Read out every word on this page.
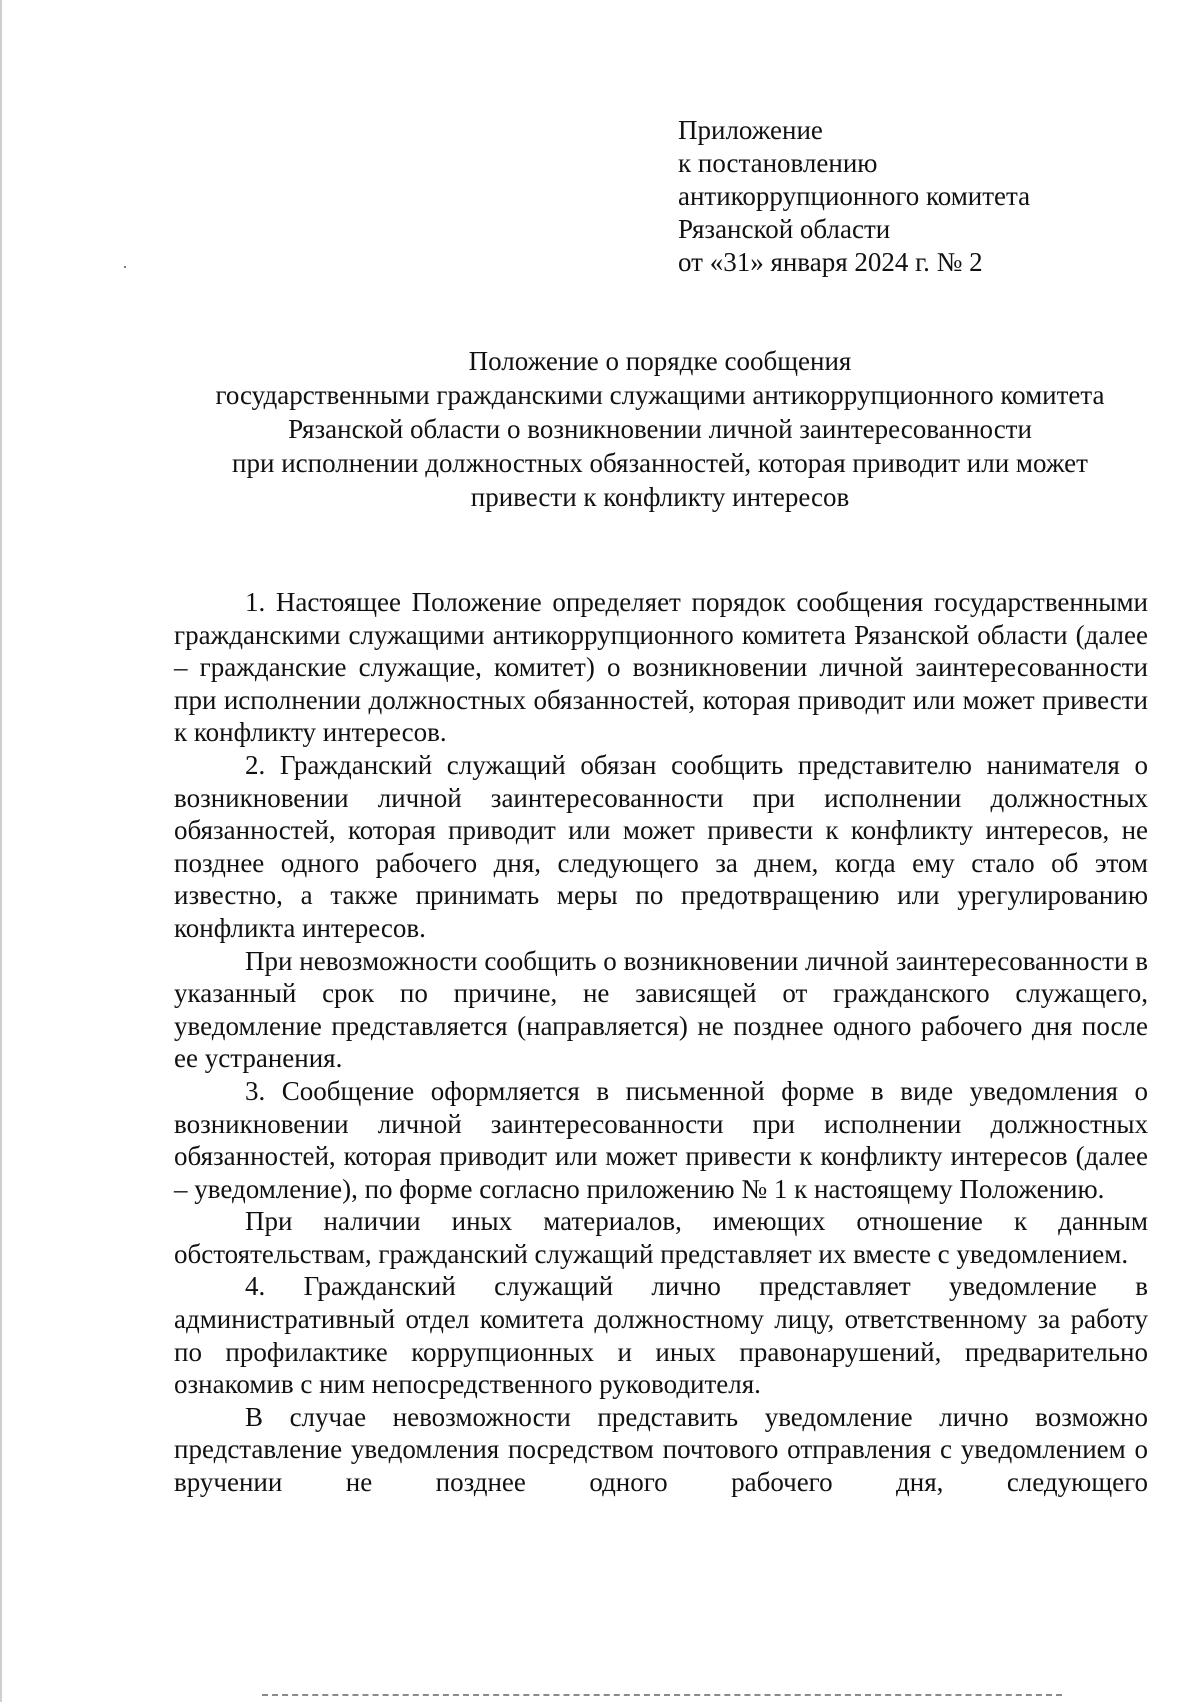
Приложение
к постановлению
антикоррупционного комитета
Рязанской области
от «31» января 2024 г. № 2
Положение о порядке сообщения
государственными гражданскими служащими антикоррупционного комитета
Рязанской области о возникновении личной заинтересованности
при исполнении должностных обязанностей, которая приводит или может
привести к конфликту интересов

1. Настоящее Положение определяет порядок сообщения государственными гражданскими служащими антикоррупционного комитета Рязанской области (далее – гражданские служащие, комитет) о возникновении личной заинтересованности при исполнении должностных обязанностей, которая приводит или может привести к конфликту интересов.

2. Гражданский служащий обязан сообщить представителю нанимателя о возникновении личной заинтересованности при исполнении должностных обязанностей, которая приводит или может привести к конфликту интересов, не позднее одного рабочего дня, следующего за днем, когда ему стало об этом известно, а также принимать меры по предотвращению или урегулированию конфликта интересов.

При невозможности сообщить о возникновении личной заинтересованности в указанный срок по причине, не зависящей от гражданского служащего, уведомление представляется (направляется) не позднее одного рабочего дня после ее устранения.

3. Сообщение оформляется в письменной форме в виде уведомления о возникновении личной заинтересованности при исполнении должностных обязанностей, которая приводит или может привести к конфликту интересов (далее – уведомление), по форме согласно приложению № 1 к настоящему Положению.

При наличии иных материалов, имеющих отношение к данным обстоятельствам, гражданский служащий представляет их вместе с уведомлением.

4. Гражданский служащий лично представляет уведомление в административный отдел комитета должностному лицу, ответственному за работу по профилактике коррупционных и иных правонарушений, предварительно ознакомив с ним непосредственного руководителя.

В случае невозможности представить уведомление лично возможно представление уведомления посредством почтового отправления с уведомлением о вручении не позднее одного рабочего дня, следующего
